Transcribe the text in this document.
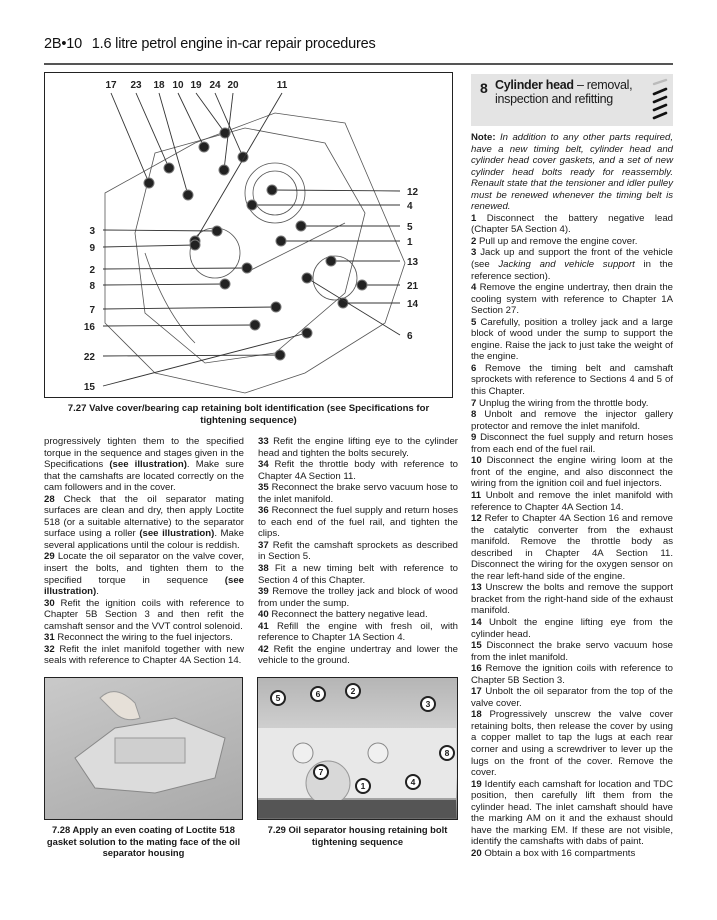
2B•10 1.6 litre petrol engine in-car repair procedures
17 23 18 10 19 24 20	11
12
4
5
1
13
21
14
6
3
9
2
8
7
16
22
15
7.27 Valve cover/bearing cap retaining bolt identification (see Specifications for tightening sequence)

progressively tighten them to the specified torque in the sequence and stages given in the Specifications (see illustration). Make sure that the camshafts are located correctly on the cam followers and in the cover.

28 Check that the oil separator mating surfaces are clean and dry, then apply Loctite 518 (or a suitable alternative) to the separator surface using a roller (see illustration). Make several applications until the colour is reddish.

29 Locate the oil separator on the valve cover, insert the bolts, and tighten them to the specified torque in sequence (see illustration).

30 Refit the ignition coils with reference to Chapter 5B Section 3 and then refit the camshaft sensor and the VVT control solenoid.

31 Reconnect the wiring to the fuel injectors.

32 Refit the inlet manifold together with new seals with reference to Chapter 4A Section 14.

33 Refit the engine lifting eye to the cylinder head and tighten the bolts securely.

34 Refit the throttle body with reference to Chapter 4A Section 11.

35 Reconnect the brake servo vacuum hose to the inlet manifold.

36 Reconnect the fuel supply and return hoses to each end of the fuel rail, and tighten the clips.

37 Refit the camshaft sprockets as described in Section 5.

38 Fit a new timing belt with reference to Section 4 of this Chapter.

39 Remove the trolley jack and block of wood from under the sump.

40 Reconnect the battery negative lead.

41 Refill the engine with fresh oil, with reference to Chapter 1A Section 4.

42 Refit the engine undertray and lower the vehicle to the ground.

8 Cylinder head – removal, inspection and refitting

Note: In addition to any other parts required, have a new timing belt, cylinder head and cylinder head cover gaskets, and a set of new cylinder head bolts ready for reassembly. Renault state that the tensioner and idler pulley must be renewed whenever the timing belt is renewed.

1 Disconnect the battery negative lead (Chapter 5A Section 4).

2 Pull up and remove the engine cover.

3 Jack up and support the front of the vehicle (see Jacking and vehicle support in the reference section).

4 Remove the engine undertray, then drain the cooling system with reference to Chapter 1A Section 27.

5 Carefully, position a trolley jack and a large block of wood under the sump to support the engine. Raise the jack to just take the weight of the engine.

6 Remove the timing belt and camshaft sprockets with reference to Sections 4 and 5 of this Chapter.

7 Unplug the wiring from the throttle body.

8 Unbolt and remove the injector gallery protector and remove the inlet manifold.

9 Disconnect the fuel supply and return hoses from each end of the fuel rail.

10 Disconnect the engine wiring loom at the front of the engine, and also disconnect the wiring from the ignition coil and fuel injectors.

11 Unbolt and remove the inlet manifold with reference to Chapter 4A Section 14.

12 Refer to Chapter 4A Section 16 and remove the catalytic converter from the exhaust manifold. Remove the throttle body as described in Chapter 4A Section 11. Disconnect the wiring for the oxygen sensor on the rear left-hand side of the engine.

13 Unscrew the bolts and remove the support bracket from the right-hand side of the exhaust manifold.

14 Unbolt the engine lifting eye from the cylinder head.

15 Disconnect the brake servo vacuum hose from the inlet manifold.

16 Remove the ignition coils with reference to Chapter 5B Section 3.

17 Unbolt the oil separator from the top of the valve cover.

18 Progressively unscrew the valve cover retaining bolts, then release the cover by using a copper mallet to tap the lugs at each rear corner and using a screwdriver to lever up the lugs on the front of the cover. Remove the cover.

19 Identify each camshaft for location and TDC position, then carefully lift them from the cylinder head. The inlet camshaft should have the marking AM on it and the exhaust should have the marking EM. If these are not visible, identify the camshafts with dabs of paint.

20 Obtain a box with 16 compartments

7.28 Apply an even coating of Loctite 518 gasket solution to the mating face of the oil separator housing
5	6	2
3
7
1	4
8
7.29 Oil separator housing retaining bolt tightening sequence
